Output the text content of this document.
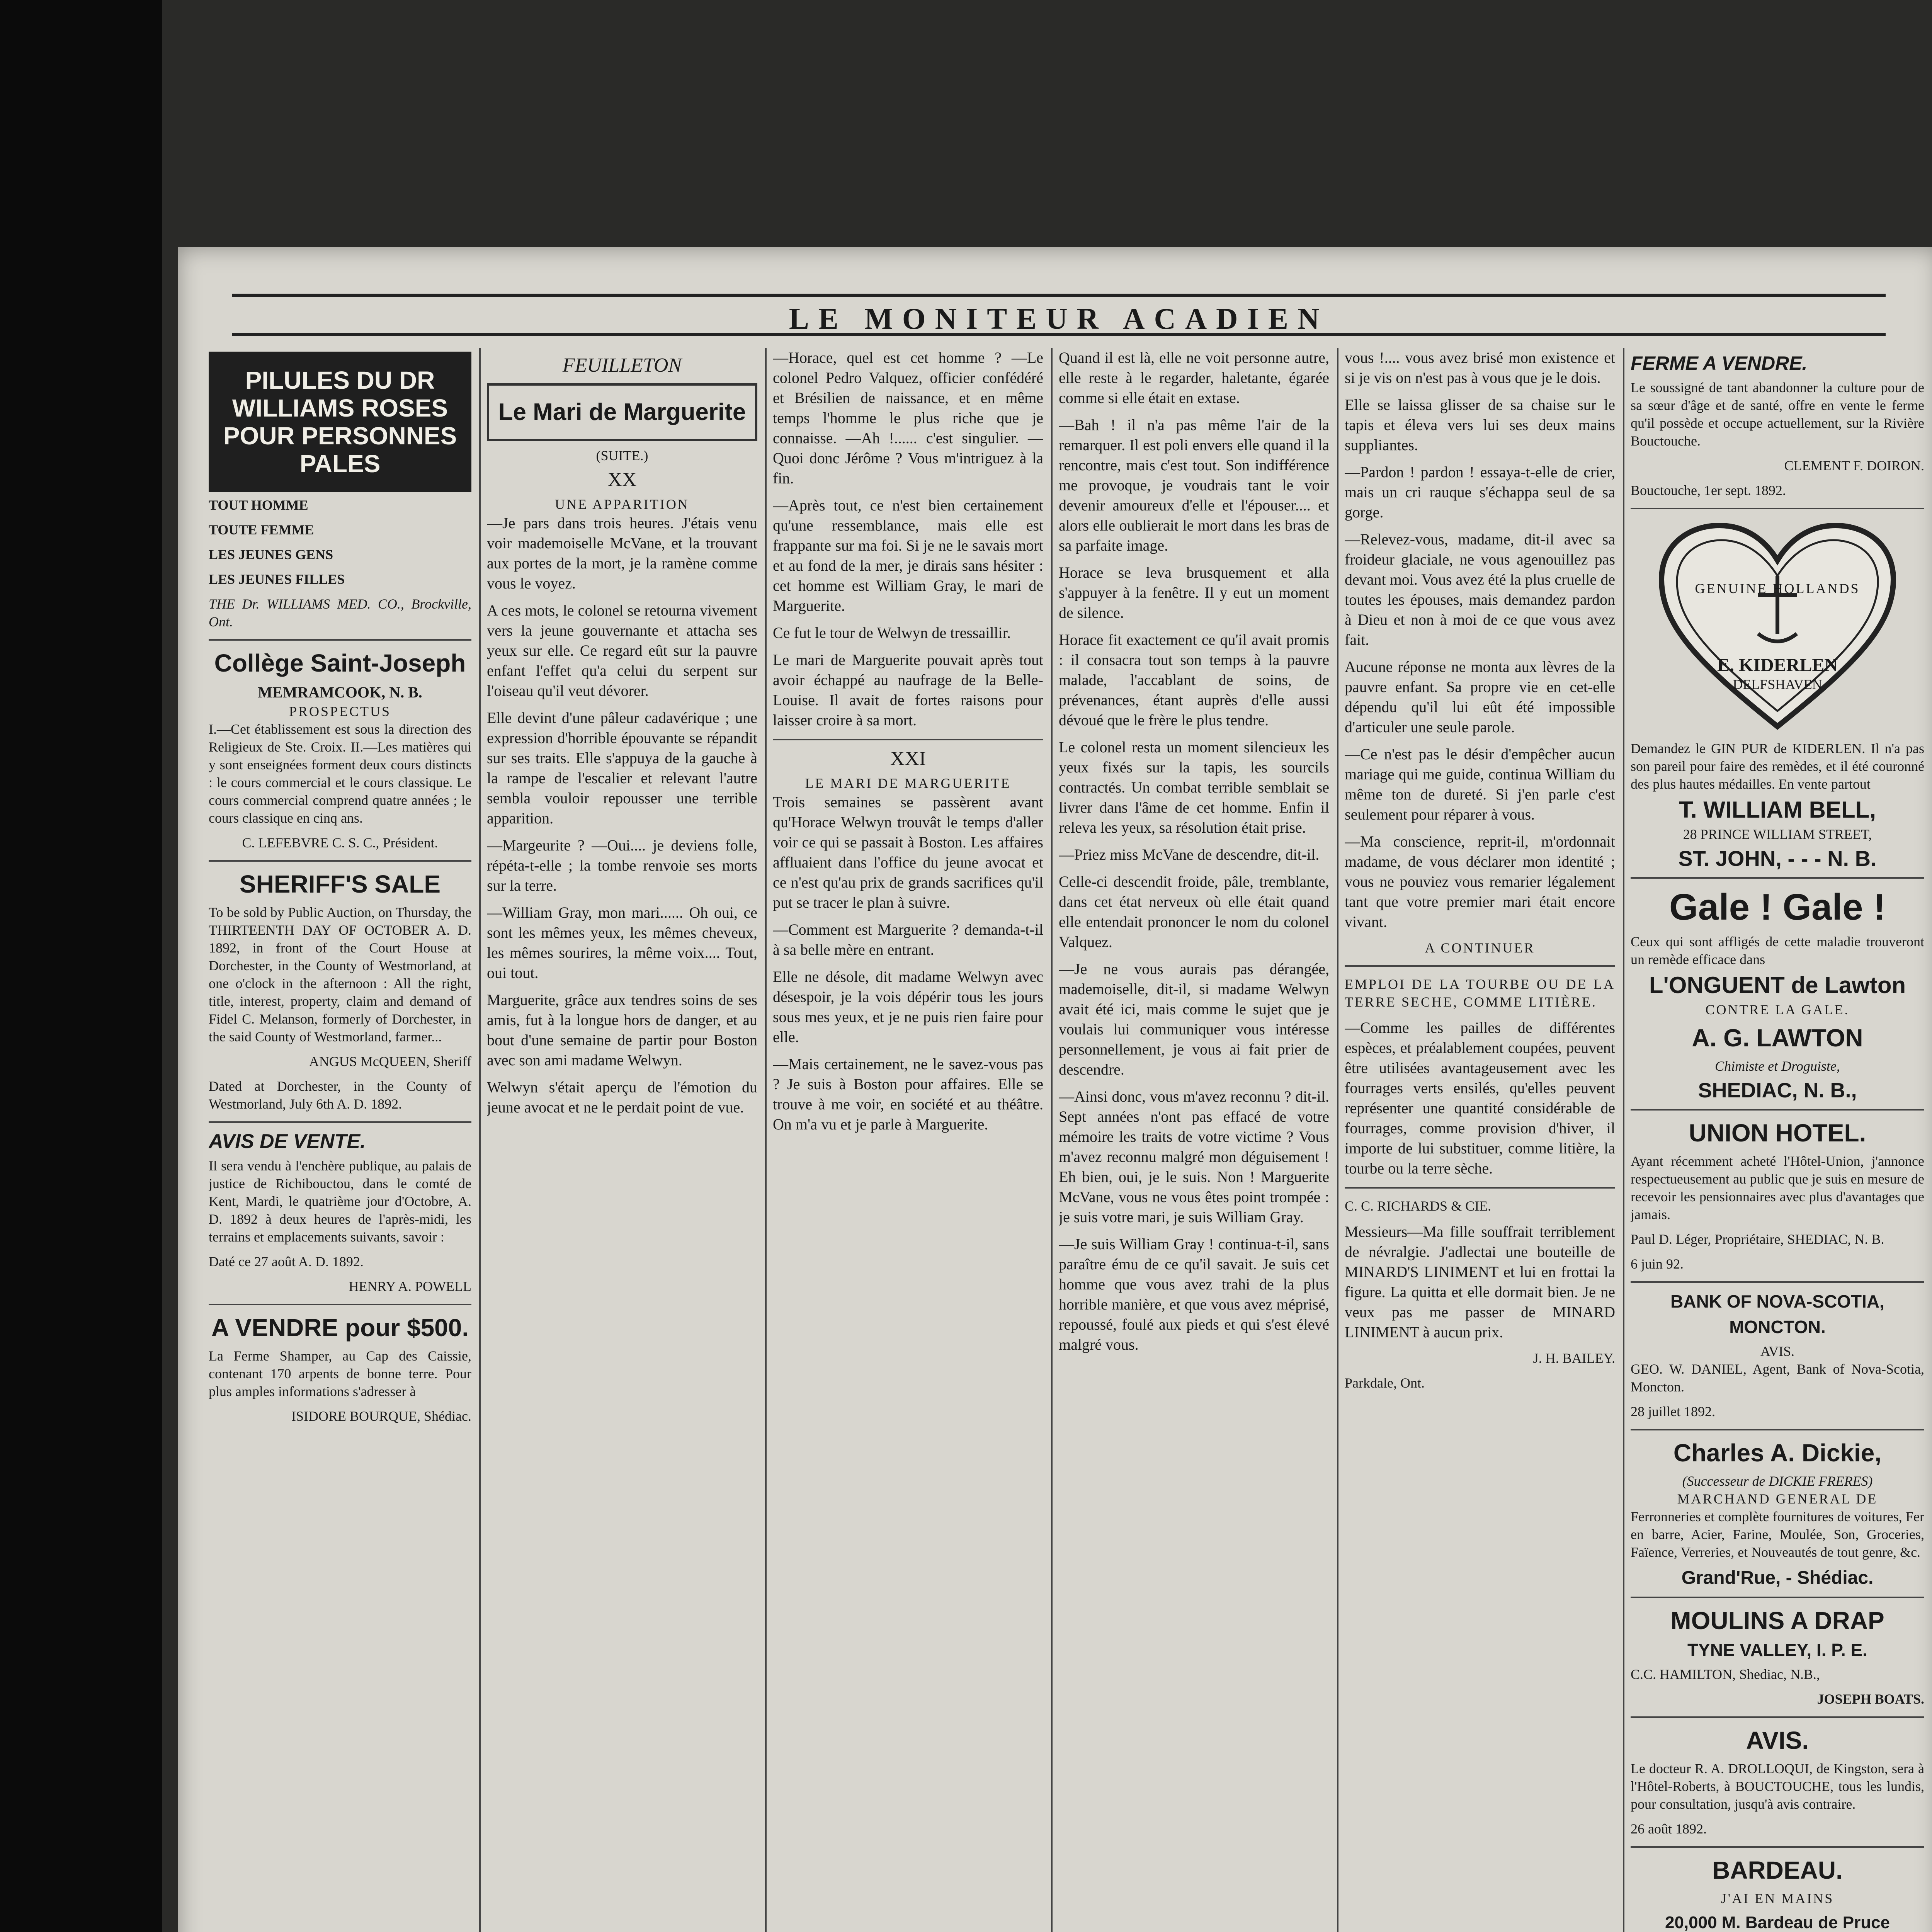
LE MONITEUR ACADIEN
PILULES DU DR WILLIAMS ROSES POUR PERSONNES PALES

TOUT HOMME

TOUTE FEMME

LES JEUNES GENS

LES JEUNES FILLES

THE Dr. WILLIAMS MED. CO., Brockville, Ont.

Collège Saint-Joseph
MEMRAMCOOK, N. B.
PROSPECTUS

I.—Cet établissement est sous la direction des Religieux de Ste. Croix. II.—Les matières qui y sont enseignées forment deux cours distincts : le cours commercial et le cours classique. Le cours commercial comprend quatre années ; le cours classique en cinq ans.

C. LEFEBVRE C. S. C., Président.

SHERIFF'S SALE

To be sold by Public Auction, on Thursday, the THIRTEENTH DAY OF OCTOBER A. D. 1892, in front of the Court House at Dorchester, in the County of Westmorland, at one o'clock in the afternoon : All the right, title, interest, property, claim and demand of Fidel C. Melanson, formerly of Dorchester, in the said County of Westmorland, farmer...

ANGUS McQUEEN, Sheriff

Dated at Dorchester, in the County of Westmorland, July 6th A. D. 1892.

AVIS DE VENTE.

Il sera vendu à l'enchère publique, au palais de justice de Richibouctou, dans le comté de Kent, Mardi, le quatrième jour d'Octobre, A. D. 1892 à deux heures de l'après-midi, les terrains et emplacements suivants, savoir :

Daté ce 27 août A. D. 1892.

HENRY A. POWELL

A VENDRE pour $500.

La Ferme Shamper, au Cap des Caissie, contenant 170 arpents de bonne terre. Pour plus amples informations s'adresser à

ISIDORE BOURQUE, Shédiac.

FEUILLETON
Le Mari de Marguerite
(SUITE.)
XX
UNE APPARITION

—Je pars dans trois heures. J'étais venu voir mademoiselle McVane, et la trouvant aux portes de la mort, je la ramène comme vous le voyez.

A ces mots, le colonel se retourna vivement vers la jeune gouvernante et attacha ses yeux sur elle. Ce regard eût sur la pauvre enfant l'effet qu'a celui du serpent sur l'oiseau qu'il veut dévorer.

Elle devint d'une pâleur cadavérique ; une expression d'horrible épouvante se répandit sur ses traits. Elle s'appuya de la gauche à la rampe de l'escalier et relevant l'autre sembla vouloir repousser une terrible apparition.

—Margeurite ? —Oui.... je deviens folle, répéta-t-elle ; la tombe renvoie ses morts sur la terre.

—William Gray, mon mari...... Oh oui, ce sont les mêmes yeux, les mêmes cheveux, les mêmes sourires, la même voix.... Tout, oui tout.

Marguerite, grâce aux tendres soins de ses amis, fut à la longue hors de danger, et au bout d'une semaine de partir pour Boston avec son ami madame Welwyn.

Welwyn s'était aperçu de l'émotion du jeune avocat et ne le perdait point de vue.

—Horace, quel est cet homme ? —Le colonel Pedro Valquez, officier confédéré et Brésilien de naissance, et en même temps l'homme le plus riche que je connaisse. —Ah !...... c'est singulier. —Quoi donc Jérôme ? Vous m'intriguez à la fin.

—Après tout, ce n'est bien certainement qu'une ressemblance, mais elle est frappante sur ma foi. Si je ne le savais mort et au fond de la mer, je dirais sans hésiter : cet homme est William Gray, le mari de Marguerite.

Ce fut le tour de Welwyn de tressaillir.

Le mari de Marguerite pouvait après tout avoir échappé au naufrage de la Belle-Louise. Il avait de fortes raisons pour laisser croire à sa mort.

XXI
LE MARI DE MARGUERITE

Trois semaines se passèrent avant qu'Horace Welwyn trouvât le temps d'aller voir ce qui se passait à Boston. Les affaires affluaient dans l'office du jeune avocat et ce n'est qu'au prix de grands sacrifices qu'il put se tracer le plan à suivre.

—Comment est Marguerite ? demanda-t-il à sa belle mère en entrant.

Elle ne désole, dit madame Welwyn avec désespoir, je la vois dépérir tous les jours sous mes yeux, et je ne puis rien faire pour elle.

—Mais certainement, ne le savez-vous pas ? Je suis à Boston pour affaires. Elle se trouve à me voir, en société et au théâtre. On m'a vu et je parle à Marguerite.

Quand il est là, elle ne voit personne autre, elle reste à le regarder, haletante, égarée comme si elle était en extase.

—Bah ! il n'a pas même l'air de la remarquer. Il est poli envers elle quand il la rencontre, mais c'est tout. Son indifférence me provoque, je voudrais tant le voir devenir amoureux d'elle et l'épouser.... et alors elle oublierait le mort dans les bras de sa parfaite image.

Horace se leva brusquement et alla s'appuyer à la fenêtre. Il y eut un moment de silence.

Horace fit exactement ce qu'il avait promis : il consacra tout son temps à la pauvre malade, l'accablant de soins, de prévenances, étant auprès d'elle aussi dévoué que le frère le plus tendre.

Le colonel resta un moment silencieux les yeux fixés sur la tapis, les sourcils contractés. Un combat terrible semblait se livrer dans l'âme de cet homme. Enfin il releva les yeux, sa résolution était prise.

—Priez miss McVane de descendre, dit-il.

Celle-ci descendit froide, pâle, tremblante, dans cet état nerveux où elle était quand elle entendait prononcer le nom du colonel Valquez.

—Je ne vous aurais pas dérangée, mademoiselle, dit-il, si madame Welwyn avait été ici, mais comme le sujet que je voulais lui communiquer vous intéresse personnellement, je vous ai fait prier de descendre.

—Ainsi donc, vous m'avez reconnu ? dit-il. Sept années n'ont pas effacé de votre mémoire les traits de votre victime ? Vous m'avez reconnu malgré mon déguisement ! Eh bien, oui, je le suis. Non ! Marguerite McVane, vous ne vous êtes point trompée : je suis votre mari, je suis William Gray.

—Je suis William Gray ! continua-t-il, sans paraître ému de ce qu'il savait. Je suis cet homme que vous avez trahi de la plus horrible manière, et que vous avez méprisé, repoussé, foulé aux pieds et qui s'est élevé malgré vous.

vous !.... vous avez brisé mon existence et si je vis on n'est pas à vous que je le dois.

Elle se laissa glisser de sa chaise sur le tapis et éleva vers lui ses deux mains suppliantes.

—Pardon ! pardon ! essaya-t-elle de crier, mais un cri rauque s'échappa seul de sa gorge.

—Relevez-vous, madame, dit-il avec sa froideur glaciale, ne vous agenouillez pas devant moi. Vous avez été la plus cruelle de toutes les épouses, mais demandez pardon à Dieu et non à moi de ce que vous avez fait.

Aucune réponse ne monta aux lèvres de la pauvre enfant. Sa propre vie en cet-elle dépendu qu'il lui eût été impossible d'articuler une seule parole.

—Ce n'est pas le désir d'empêcher aucun mariage qui me guide, continua William du même ton de dureté. Si j'en parle c'est seulement pour réparer à vous.

—Ma conscience, reprit-il, m'ordonnait madame, de vous déclarer mon identité ; vous ne pouviez vous remarier légalement tant que votre premier mari était encore vivant.

A CONTINUER

EMPLOI DE LA TOURBE OU DE LA TERRE SECHE, COMME LITIÈRE.

—Comme les pailles de différentes espèces, et préalablement coupées, peuvent être utilisées avantageusement avec les fourrages verts ensilés, qu'elles peuvent représenter une quantité considérable de fourrages, comme provision d'hiver, il importe de lui substituer, comme litière, la tourbe ou la terre sèche.

C. C. RICHARDS & CIE.

Messieurs—Ma fille souffrait terriblement de névralgie. J'adlectai une bouteille de MINARD'S LINIMENT et lui en frottai la figure. La quitta et elle dormait bien. Je ne veux pas me passer de MINARD LINIMENT à aucun prix.

J. H. BAILEY.

Parkdale, Ont.

FERME A VENDRE.

Le soussigné de tant abandonner la culture pour de sa sœur d'âge et de santé, offre en vente le ferme qu'il possède et occupe actuellement, sur la Rivière Bouctouche.

CLEMENT F. DOIRON.

Bouctouche, 1er sept. 1892.

GENUINE HOLLANDS
E. KIDERLEN
DELFSHAVEN

Demandez le GIN PUR de KIDERLEN. Il n'a pas son pareil pour faire des remèdes, et il été couronné des plus hautes médailles. En vente partout

T. WILLIAM BELL,
28 PRINCE WILLIAM STREET,
ST. JOHN, - - - N. B.
Gale ! Gale !

Ceux qui sont affligés de cette maladie trouveront un remède efficace dans

L'ONGUENT de Lawton
CONTRE LA GALE.
A. G. LAWTON
Chimiste et Droguiste,
SHEDIAC, N. B.,
UNION HOTEL.

Ayant récemment acheté l'Hôtel-Union, j'annonce respectueusement au public que je suis en mesure de recevoir les pensionnaires avec plus d'avantages que jamais.

Paul D. Léger, Propriétaire, SHEDIAC, N. B.

6 juin 92.

BANK OF NOVA-SCOTIA,
MONCTON.
AVIS.

GEO. W. DANIEL, Agent, Bank of Nova-Scotia, Moncton.

28 juillet 1892.

Charles A. Dickie,
(Successeur de DICKIE FRERES)
MARCHAND GENERAL DE

Ferronneries et complète fournitures de voitures, Fer en barre, Acier, Farine, Moulée, Son, Groceries, Faïence, Verreries, et Nouveautés de tout genre, &c.

Grand'Rue, - Shédiac.
MOULINS A DRAP
TYNE VALLEY, I. P. E.

C.C. HAMILTON, Shediac, N.B.,

JOSEPH BOATS.

AVIS.

Le docteur R. A. DROLLOQUI, de Kingston, sera à l'Hôtel-Roberts, à BOUCTOUCHE, tous les lundis, pour consultation, jusqu'à avis contraire.

26 août 1892.

BARDEAU.
J'AI EN MAINS
20,000 M. Bardeau de Pruce
